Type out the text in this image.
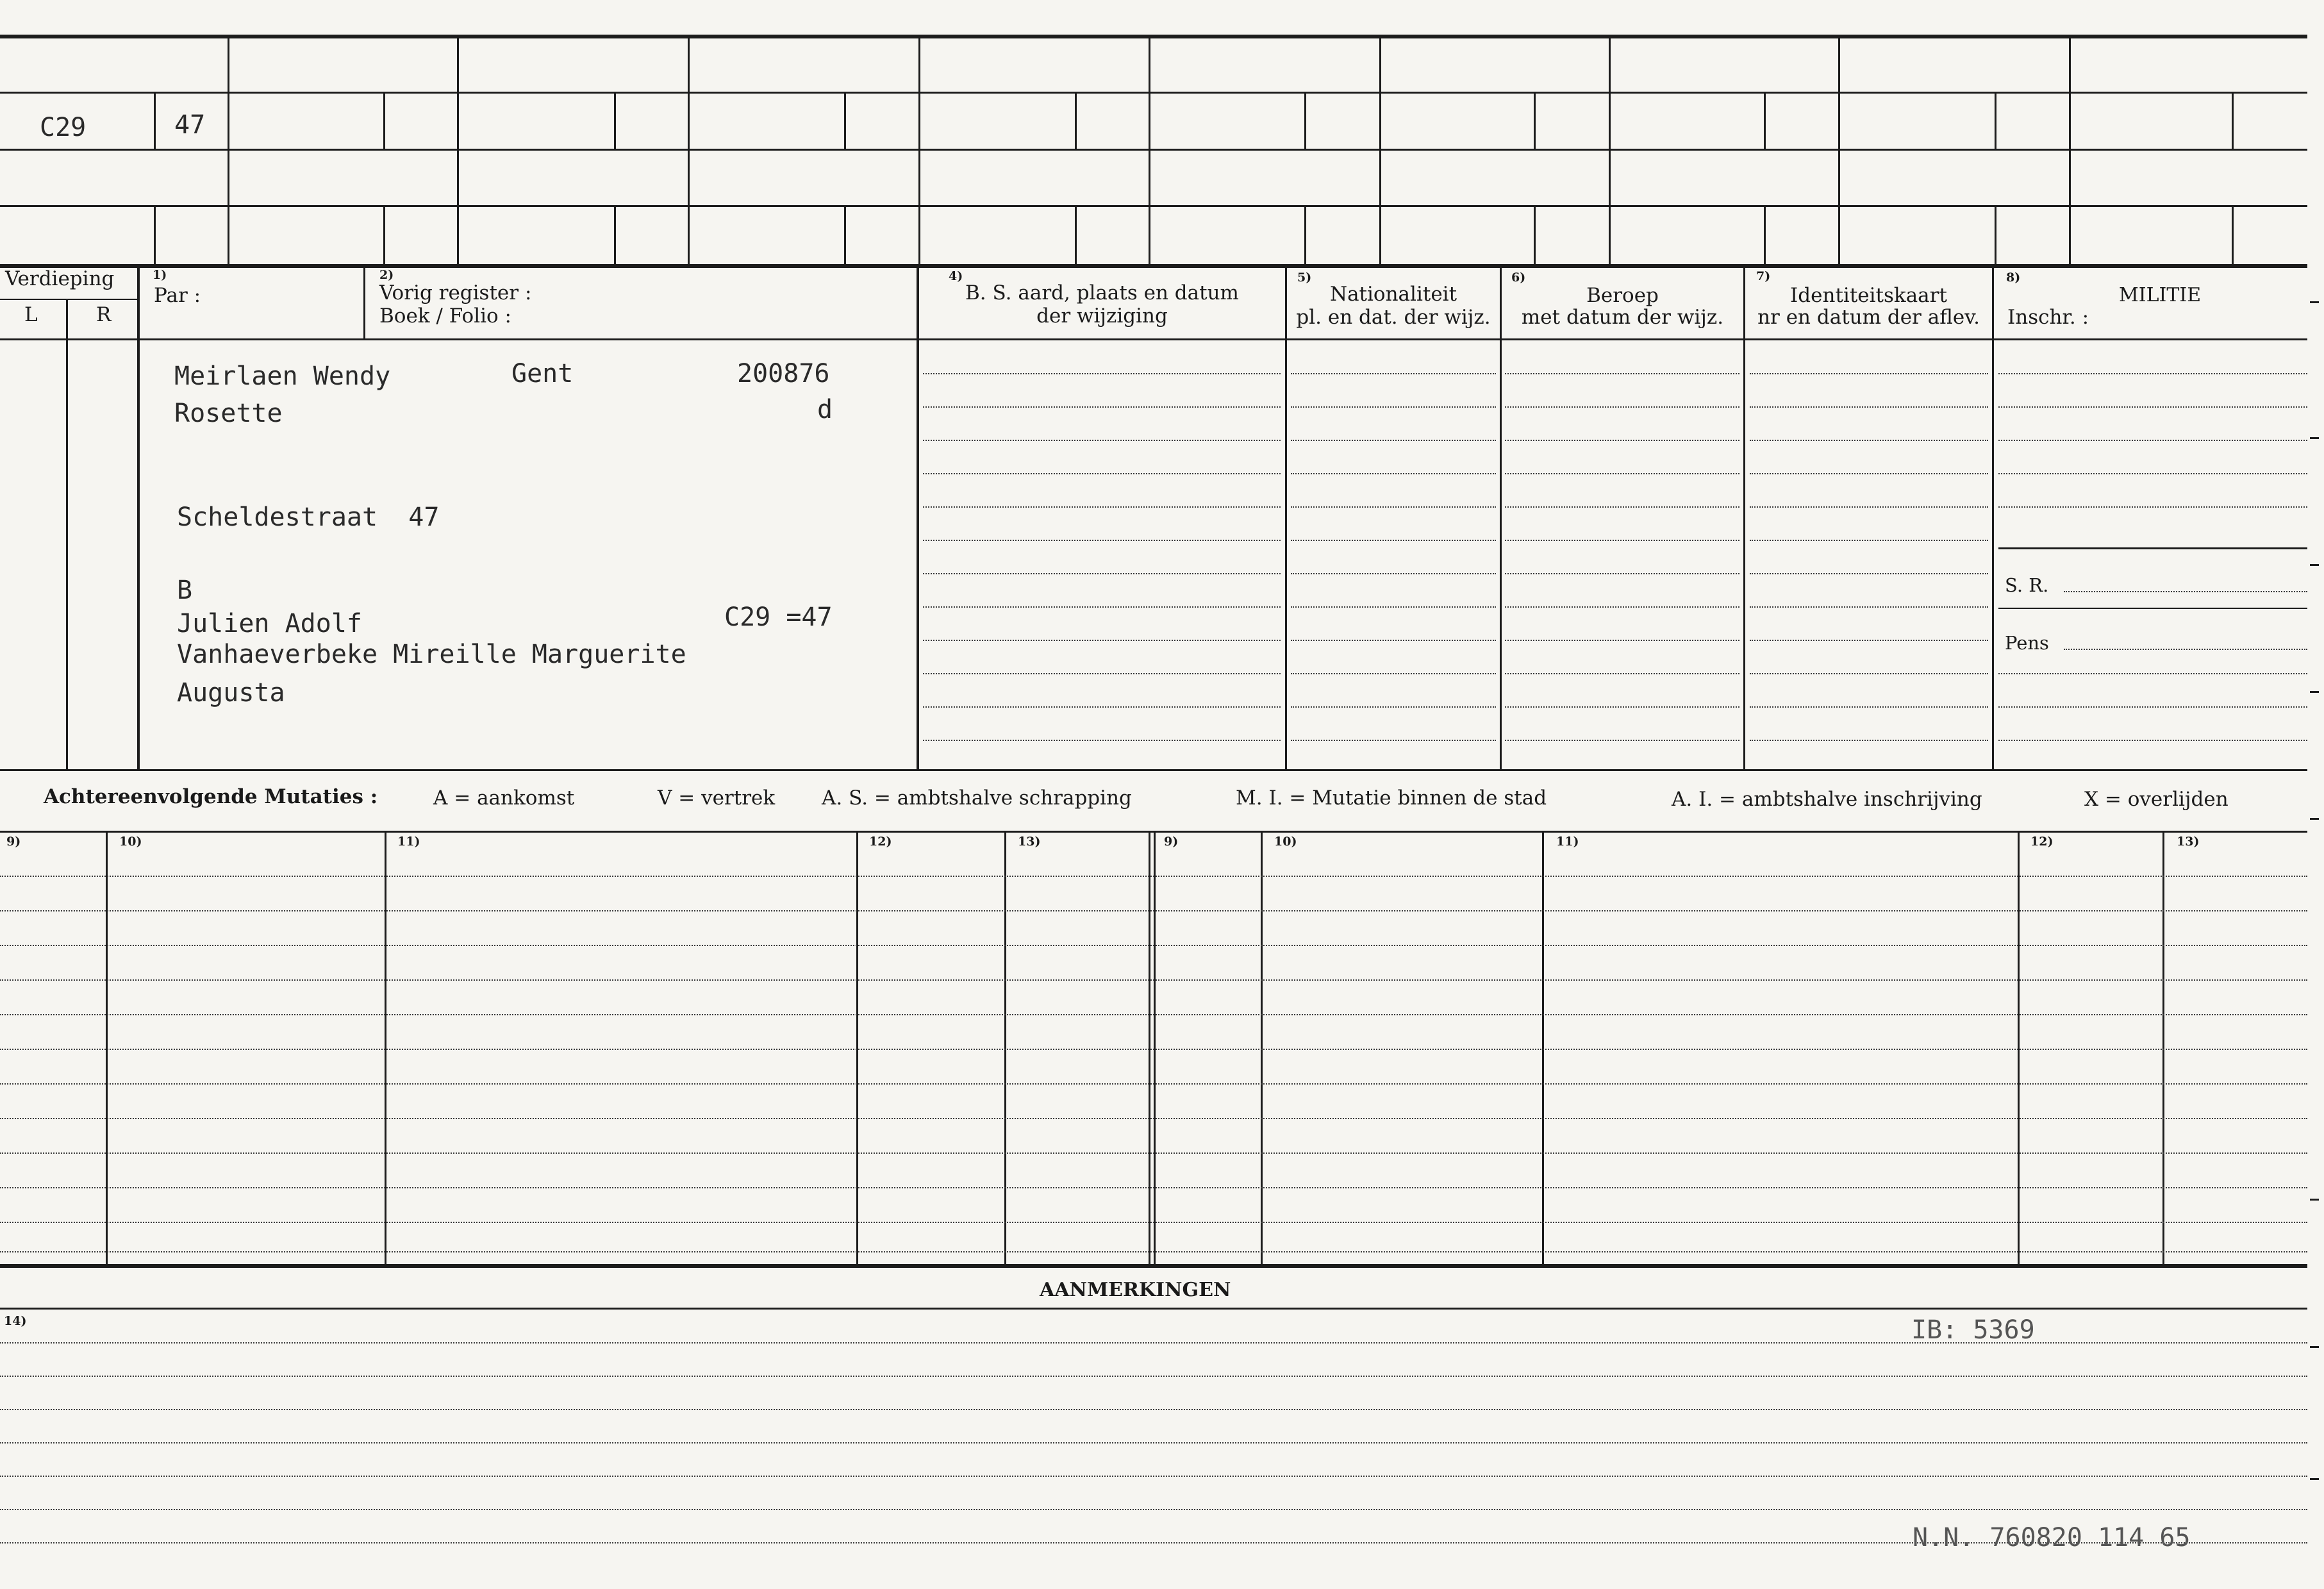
C29	47
Verdieping
L	R
1)
Par :
2)
Vorig register :
Boek / Folio :
4)
B. S. aard, plaats en datum
der wijziging
5)
Nationaliteit
pl. en dat. der wijz.
6)
Beroep
met datum der wijz.
7)
Identiteitskaart
nr en datum der aflev.
8)
MILITIE
Inschr. :
Meirlaen Wendy	Gent	200876
Rosette	d
Scheldestraat  47
B
Julien Adolf	C29 =47
Vanhaeverbeke Mireille Marguerite
Augusta
S. R.
Pens
Achtereenvolgende Mutaties :	A = aankomst	V = vertrek A. S. = ambtshalve schrapping	M. I. = Mutatie binnen de stad	A. I. = ambtshalve inschrijving	X = overlijden
9)	10)	11)	12)	13)	9)	10)	11)	12)	13)
AANMERKINGEN
14)	IB: 5369
N.N. 760820 114 65
